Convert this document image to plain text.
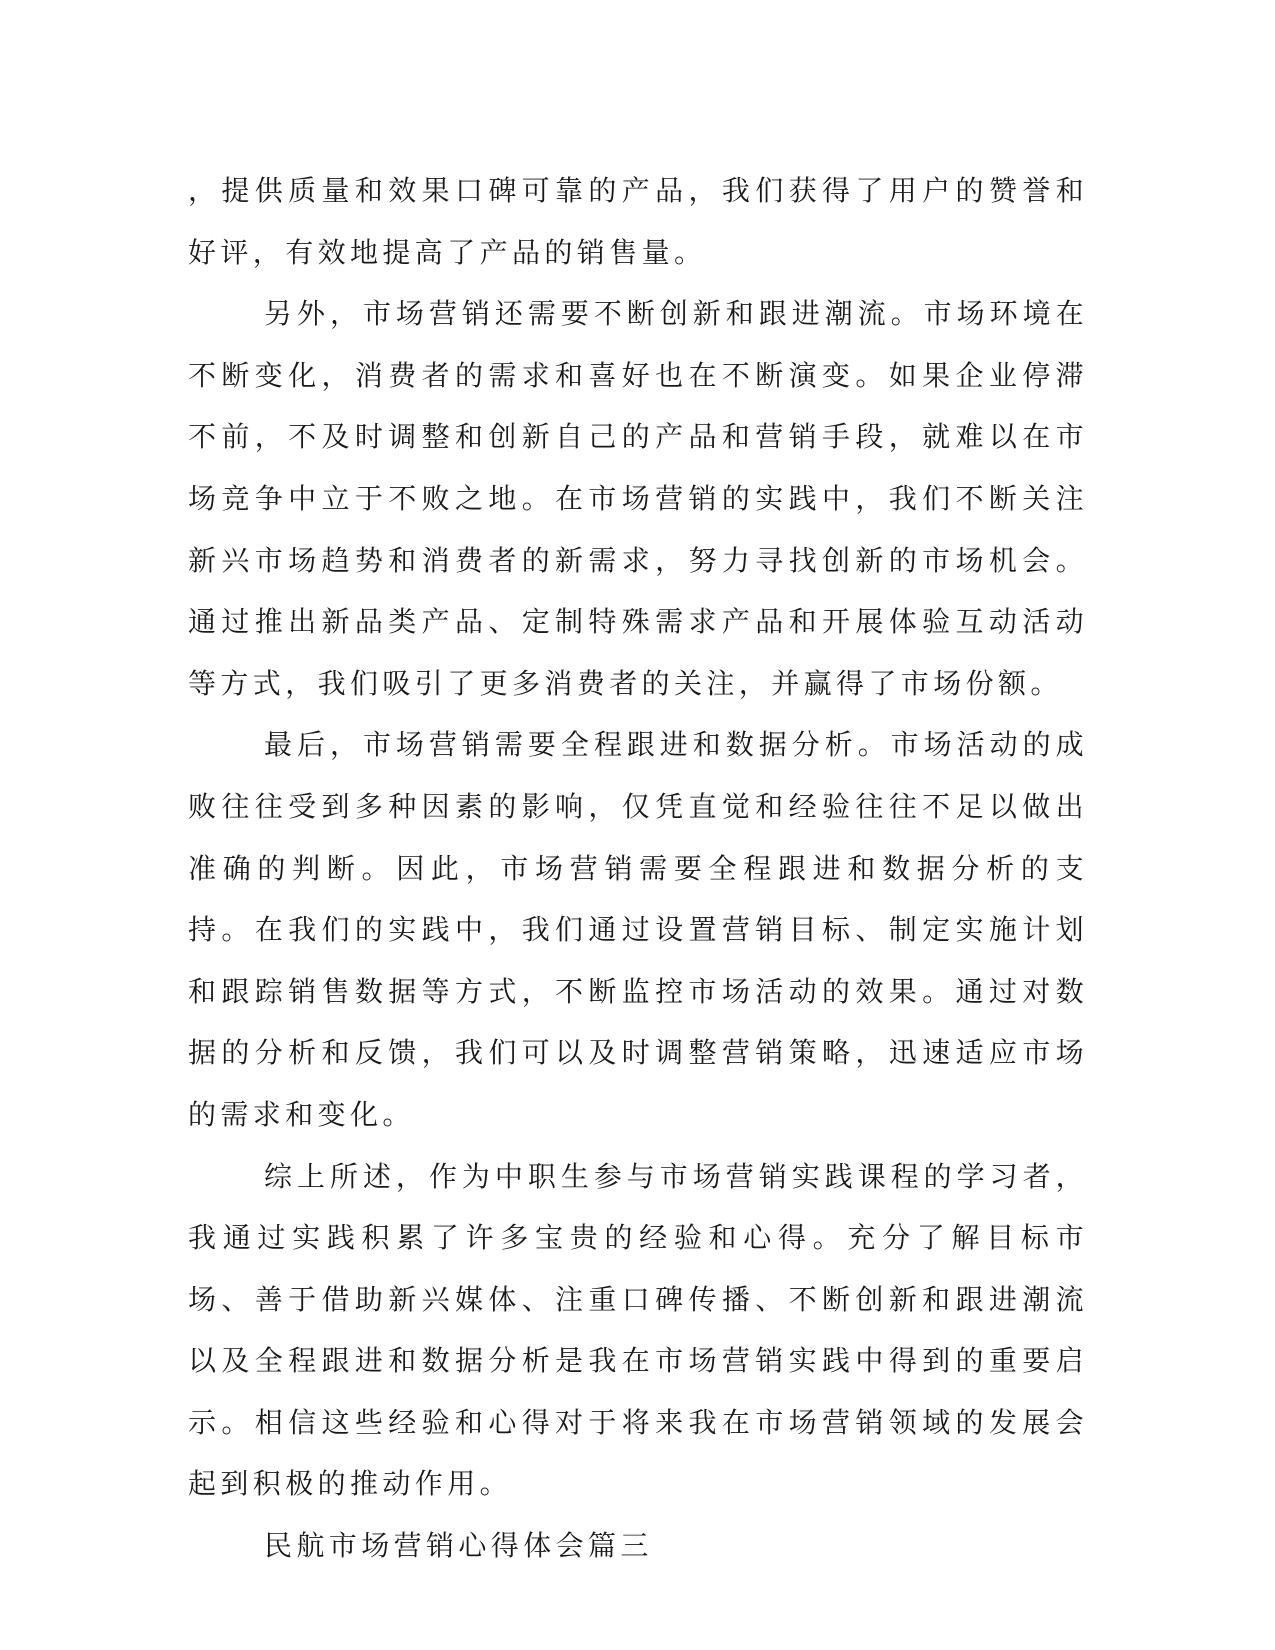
，提供质量和效果口碑可靠的产品，我们获得了用户的赞誉和好评，有效地提高了产品的销售量。

另外，市场营销还需要不断创新和跟进潮流。市场环境在不断变化，消费者的需求和喜好也在不断演变。如果企业停滞不前，不及时调整和创新自己的产品和营销手段，就难以在市场竞争中立于不败之地。在市场营销的实践中，我们不断关注新兴市场趋势和消费者的新需求，努力寻找创新的市场机会。通过推出新品类产品、定制特殊需求产品和开展体验互动活动等方式，我们吸引了更多消费者的关注，并赢得了市场份额。

最后，市场营销需要全程跟进和数据分析。市场活动的成败往往受到多种因素的影响，仅凭直觉和经验往往不足以做出准确的判断。因此，市场营销需要全程跟进和数据分析的支持。在我们的实践中，我们通过设置营销目标、制定实施计划和跟踪销售数据等方式，不断监控市场活动的效果。通过对数据的分析和反馈，我们可以及时调整营销策略，迅速适应市场的需求和变化。

综上所述，作为中职生参与市场营销实践课程的学习者，我通过实践积累了许多宝贵的经验和心得。充分了解目标市场、善于借助新兴媒体、注重口碑传播、不断创新和跟进潮流以及全程跟进和数据分析是我在市场营销实践中得到的重要启示。相信这些经验和心得对于将来我在市场营销领域的发展会起到积极的推动作用。

民航市场营销心得体会篇三
